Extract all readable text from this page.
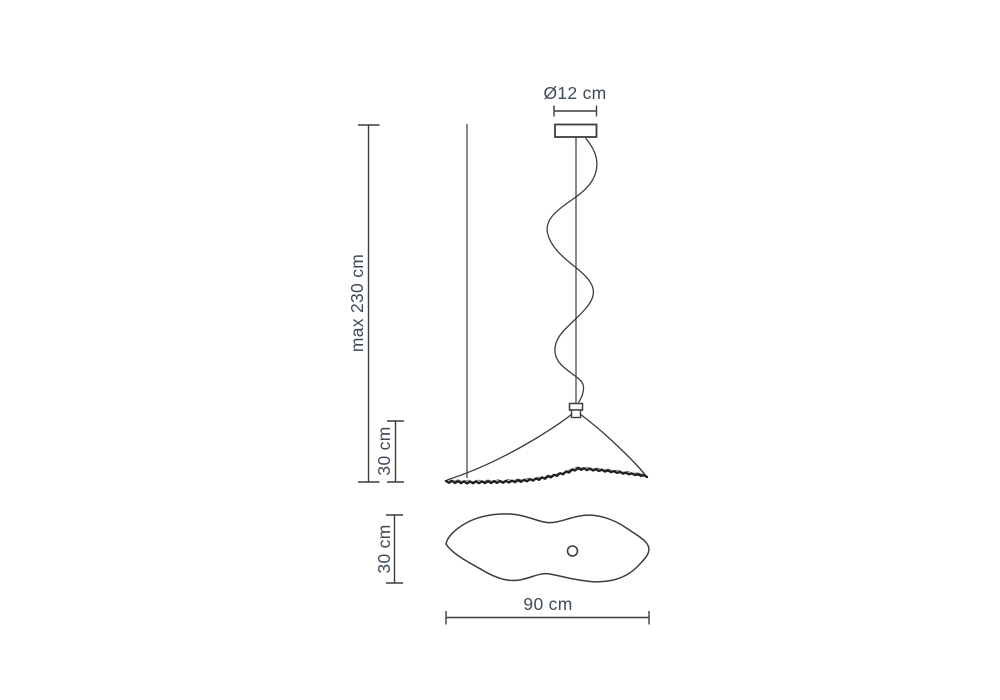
Ø12 cm
max 230 cm
30 cm
30 cm
90 cm
